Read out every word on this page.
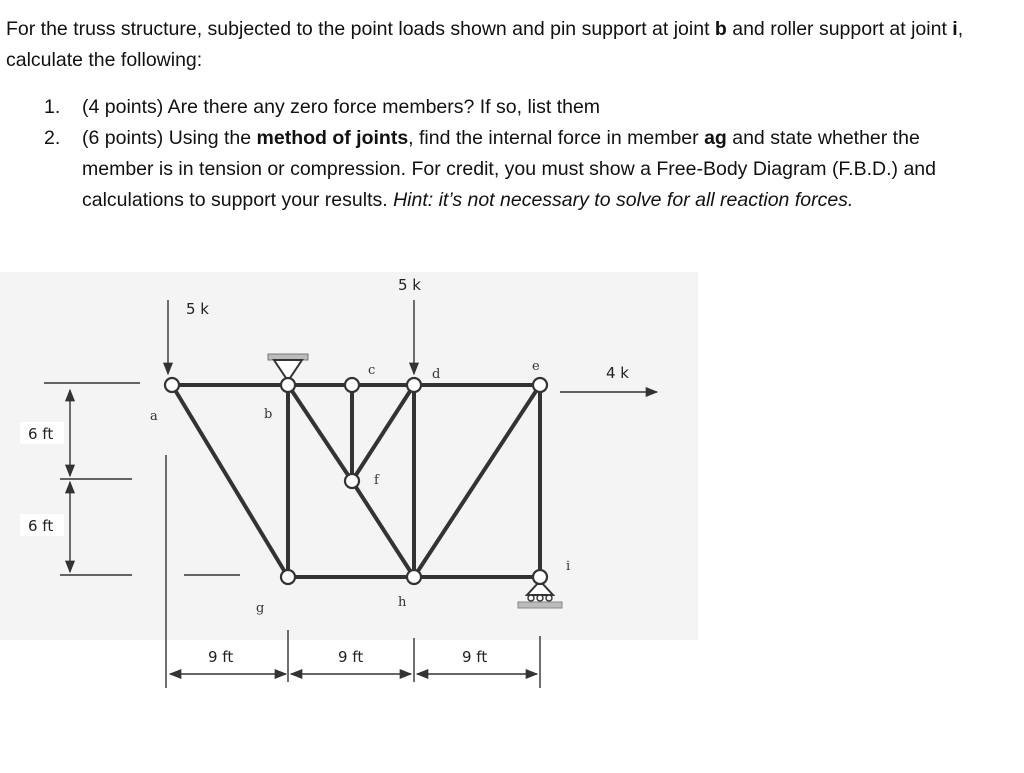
For the truss structure, subjected to the point loads shown and pin support at joint b and roller support at joint i, calculate the following:

1. (4 points) Are there any zero force members? If so, list them
2. (6 points) Using the method of joints, find the internal force in member ag and state whether the member is in tension or compression. For credit, you must show a Free-Body Diagram (F.B.D.) and calculations to support your results. Hint: it’s not necessary to solve for all reaction forces.
a	b
c	d
e
f
g	h
i
5 k
5 k
4 k
6 ft
6 ft
9 ft	9 ft	9 ft
